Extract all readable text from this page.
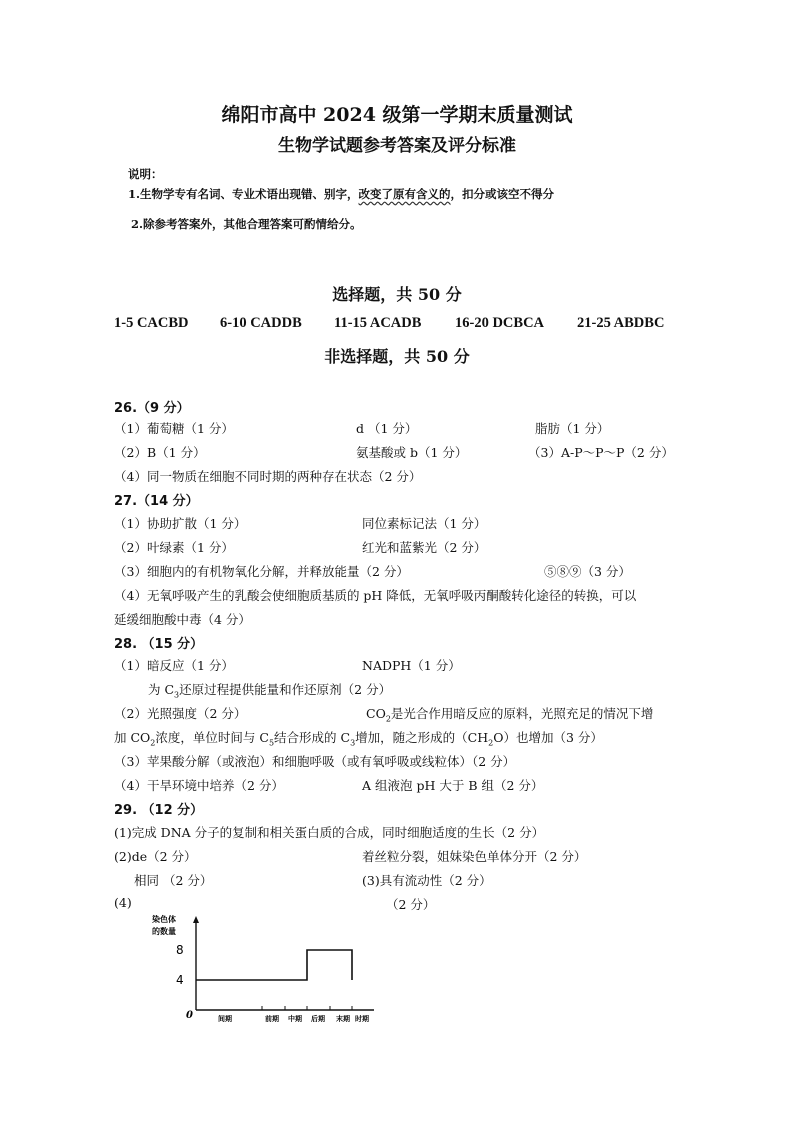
绵阳市高中 2024 级第一学期末质量测试
生物学试题参考答案及评分标准
说明：
1.生物学专有名词、专业术语出现错、别字，改变了原有含义的，扣分或该空不得分
2.除参考答案外，其他合理答案可酌情给分。
选择题，共 50 分
1-5 CACBD 6-10 CADDB 11-15 ACADB 16-20 DCBCA 21-25 ABDBC
非选择题，共 50 分
26.（9 分）
（1）葡萄糖（1 分）	d （1 分）	脂肪（1 分）
（2）B（1 分）	氨基酸或 b（1 分）	（3）A-P～P～P（2 分）
（4）同一物质在细胞不同时期的两种存在状态（2 分）
27.（14 分）
（1）协助扩散（1 分）	同位素标记法（1 分）
（2）叶绿素（1 分）	红光和蓝紫光（2 分）
（3）细胞内的有机物氧化分解，并释放能量（2 分）	⑤⑧⑨（3 分）
（4）无氧呼吸产生的乳酸会使细胞质基质的 pH 降低，无氧呼吸丙酮酸转化途径的转换，可以
延缓细胞酸中毒（4 分）
28. （15 分）
（1）暗反应（1 分）	NADPH（1 分）
为 $C_3$还原过程提供能量和作还原剂（2 分）
（2）光照强度（2 分）	$CO_2$是光合作用暗反应的原料，光照充足的情况下增
加 $CO_2$浓度，单位时间与 $C_5$结合形成的 $C_3$增加，随之形成的$(CH_2O)$也增加（3 分）
（3）苹果酸分解（或液泡）和细胞呼吸（或有氧呼吸或线粒体）（2 分）
（4）干旱环境中培养（2 分）	A 组液泡 pH 大于 B 组（2 分）
29. （12 分）
(1)完成 DNA 分子的复制和相关蛋白质的合成，同时细胞适度的生长（2 分）
(2)de（2 分）	着丝粒分裂，姐妹染色单体分开（2 分）
相同 （2 分）	(3)具有流动性（2 分）
(4)	（2 分）
染色体
的数量
0
4
8
间期	前期 中期 后期 末期 时期
